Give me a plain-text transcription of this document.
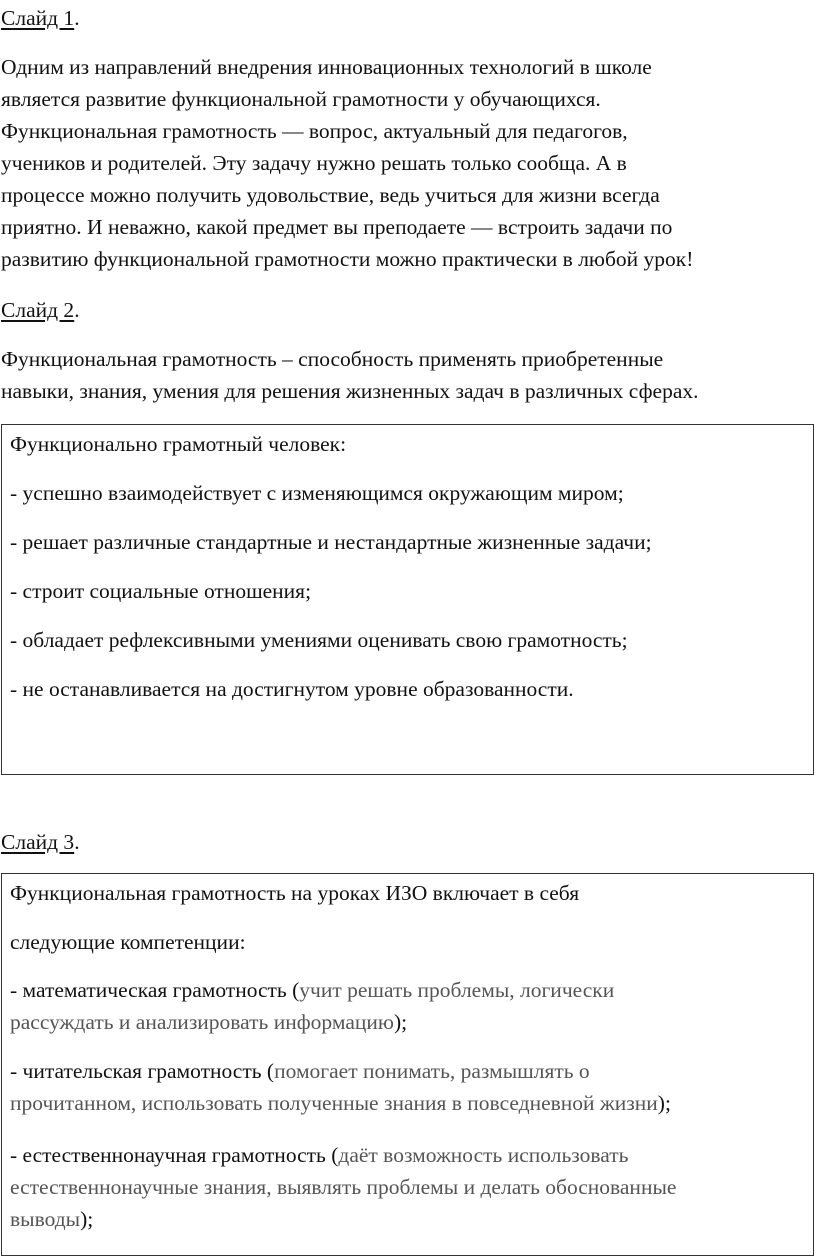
Слайд 1.

Одним из направлений внедрения инновационных технологий в школе
является развитие функциональной грамотности у обучающихся.
Функциональная грамотность — вопрос, актуальный для педагогов,
учеников и родителей. Эту задачу нужно решать только сообща. А в
процессе можно получить удовольствие, ведь учиться для жизни всегда
приятно. И неважно, какой предмет вы преподаете — встроить задачи по
развитию функциональной грамотности можно практически в любой урок!

Слайд 2.

Функциональная грамотность – способность применять приобретенные
навыки, знания, умения для решения жизненных задач в различных сферах.
Функционально грамотный человек:
- успешно взаимодействует с изменяющимся окружающим миром;
- решает различные стандартные и нестандартные жизненные задачи;
- строит социальные отношения;
- обладает рефлексивными умениями оценивать свою грамотность;
- не останавливается на достигнутом уровне образованности.

Слайд 3.

Функциональная грамотность на уроках ИЗО включает в себя
следующие компетенции:
- математическая грамотность (учит решать проблемы, логически
рассуждать и анализировать информацию);
- читательская грамотность (помогает понимать, размышлять о
прочитанном, использовать полученные знания в повседневной жизни);
- естественнонаучная грамотность (даёт возможность использовать
естественнонаучные знания, выявлять проблемы и делать обоснованные
выводы);
